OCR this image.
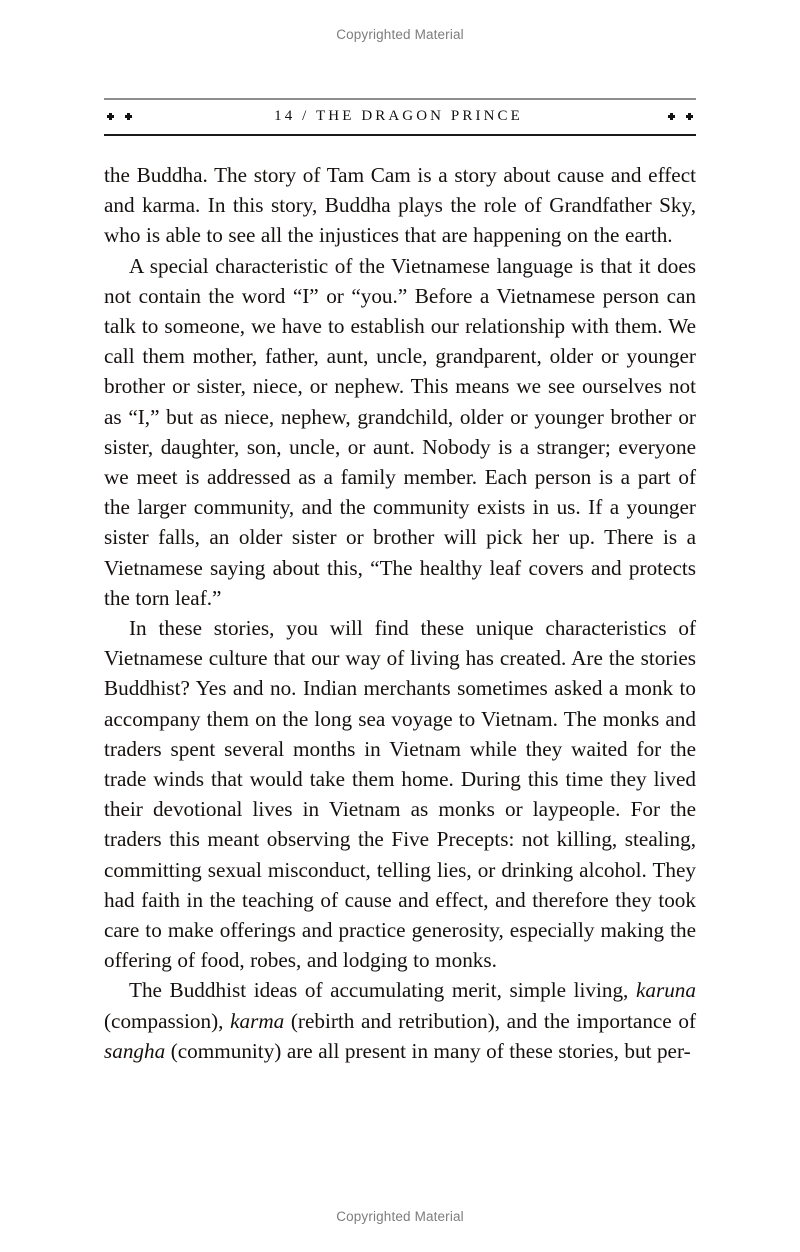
Copyrighted Material
14 / THE DRAGON PRINCE

the Buddha. The story of Tam Cam is a story about cause and effect and karma. In this story, Buddha plays the role of Grandfather Sky, who is able to see all the injustices that are happening on the earth.

A special characteristic of the Vietnamese language is that it does not contain the word “I” or “you.” Before a Vietnamese person can talk to someone, we have to establish our relationship with them. We call them mother, father, aunt, uncle, grandparent, older or younger brother or sister, niece, or nephew. This means we see ourselves not as “I,” but as niece, nephew, grandchild, older or younger brother or sister, daughter, son, uncle, or aunt. Nobody is a stranger; everyone we meet is addressed as a family member. Each person is a part of the larger community, and the community exists in us. If a younger sister falls, an older sister or brother will pick her up. There is a Vietnamese saying about this, “The healthy leaf covers and protects the torn leaf.”

In these stories, you will find these unique characteristics of Vietnamese culture that our way of living has created. Are the stories Buddhist? Yes and no. Indian merchants sometimes asked a monk to accompany them on the long sea voyage to Vietnam. The monks and traders spent several months in Vietnam while they waited for the trade winds that would take them home. During this time they lived their devotional lives in Vietnam as monks or laypeople. For the traders this meant observing the Five Precepts: not killing, stealing, committing sexual misconduct, telling lies, or drinking alcohol. They had faith in the teaching of cause and effect, and therefore they took care to make offerings and practice generosity, especially making the offering of food, robes, and lodging to monks.

The Buddhist ideas of accumulating merit, simple living, karuna (compassion), karma (rebirth and retribution), and the importance of sangha (community) are all present in many of these stories, but per-

Copyrighted Material
